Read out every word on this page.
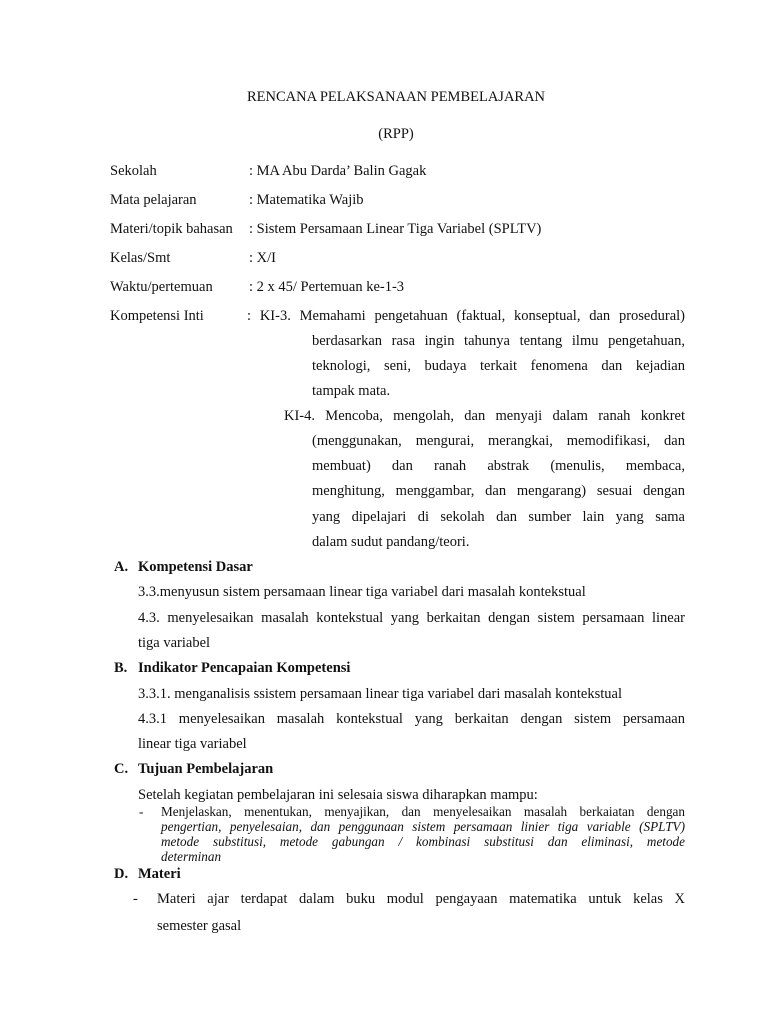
RENCANA PELAKSANAAN PEMBELAJARAN
(RPP)
Sekolah	: MA Abu Darda’ Balin Gagak
Mata pelajaran	: Matematika Wajib
Materi/topik bahasan : Sistem Persamaan Linear Tiga Variabel (SPLTV)
Kelas/Smt	: X/I
Waktu/pertemuan	: 2 x 45/ Pertemuan ke-1-3
Kompetensi Inti	: KI-3. Memahami pengetahuan (faktual, konseptual, dan prosedural)
berdasarkan rasa ingin tahunya tentang ilmu pengetahuan,
teknologi, seni, budaya terkait fenomena dan kejadian
tampak mata.
KI-4. Mencoba, mengolah, dan menyaji dalam ranah konkret
(menggunakan, mengurai, merangkai, memodifikasi, dan
membuat) dan ranah abstrak (menulis, membaca,
menghitung, menggambar, dan mengarang) sesuai dengan
yang dipelajari di sekolah dan sumber lain yang sama
dalam sudut pandang/teori.
A. Kompetensi Dasar
3.3.menyusun sistem persamaan linear tiga variabel dari masalah kontekstual
4.3. menyelesaikan masalah kontekstual yang berkaitan dengan sistem persamaan linear
tiga variabel
B. Indikator Pencapaian Kompetensi
3.3.1. menganalisis ssistem persamaan linear tiga variabel dari masalah kontekstual
4.3.1 menyelesaikan masalah kontekstual yang berkaitan dengan sistem persamaan
linear tiga variabel
C. Tujuan Pembelajaran
Setelah kegiatan pembelajaran ini selesaia siswa diharapkan mampu:
- Menjelaskan, menentukan, menyajikan, dan menyelesaikan masalah berkaiatan dengan
pengertian, penyelesaian, dan penggunaan sistem persamaan linier tiga variable (SPLTV)
metode substitusi, metode gabungan / kombinasi substitusi dan eliminasi, metode
determinan
D. Materi
- Materi ajar terdapat dalam buku modul pengayaan matematika untuk kelas X
semester gasal
